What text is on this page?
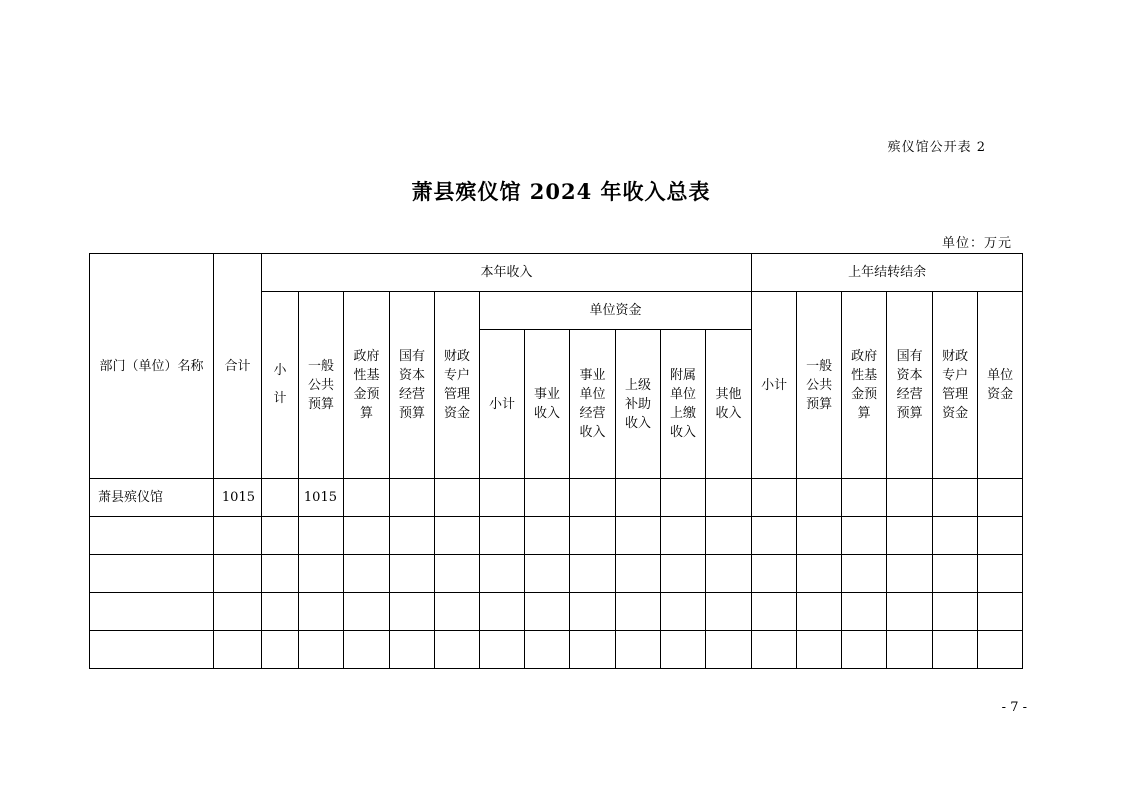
殡仪馆公开表 2
萧县殡仪馆 2024 年收入总表
单位：万元
部门（单位）名称	合计	本年收入											上年结转结余					
		小计	一般公共预算	政府性基金预算	国有资本经营预算	财政专户管理资金	单位资金						小计	一般公共预算	政府性基金预算	国有资本经营预算	财政专户管理资金	单位资金
							小计	事业收入	事业单位经营收入	上级补助收入	附属单位上缴收入	其他收入						
萧县殡仪馆	1015		1015															

- 7 -
